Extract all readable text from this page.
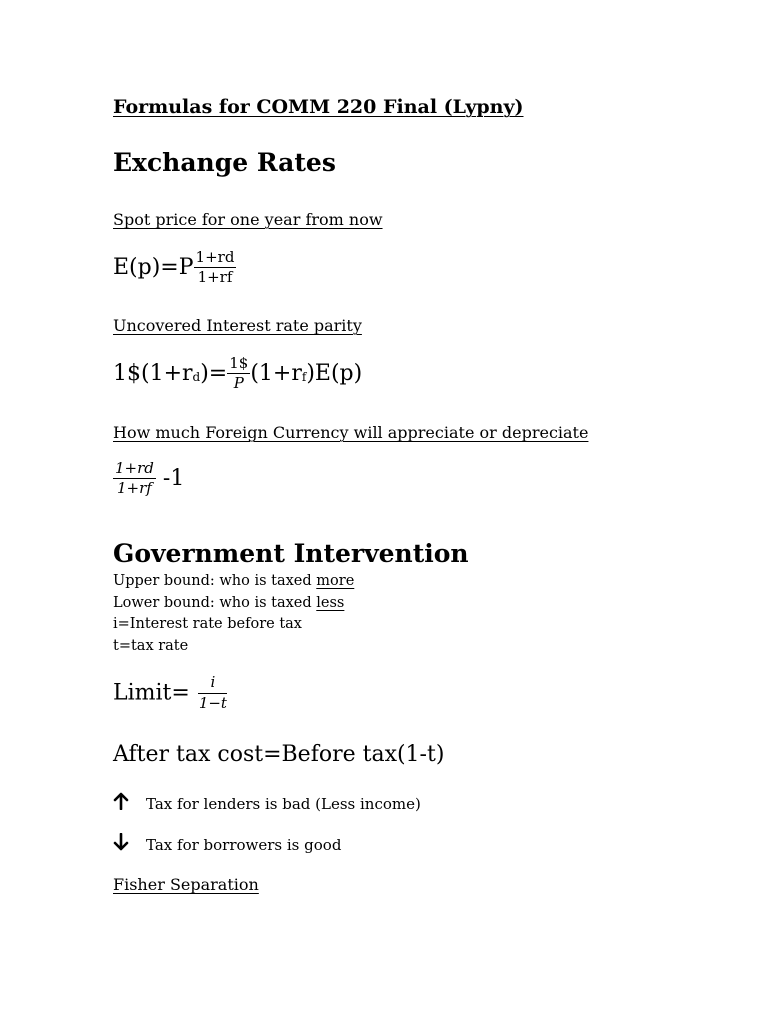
Formulas for COMM 220 Final (Lypny)
Exchange Rates
Spot price for one year from now
$E(p)=P \frac{1+rd}{1+rf}$
Uncovered Interest rate parity
$1\$(1+r_d)= \frac{1\$}{P} (1+r_f)E(p)$
How much Foreign Currency will appreciate or depreciate
$\frac{1+rd}{1+rf} -1$
Government Intervention
Upper bound: who is taxed more
Lower bound: who is taxed less
i=Interest rate before tax
t=tax rate
Limit= $\frac{i}{1-t}$
After tax cost=Before tax(1-t)
Tax for lenders is bad (Less income)
Tax for borrowers is good
Fisher Separation
